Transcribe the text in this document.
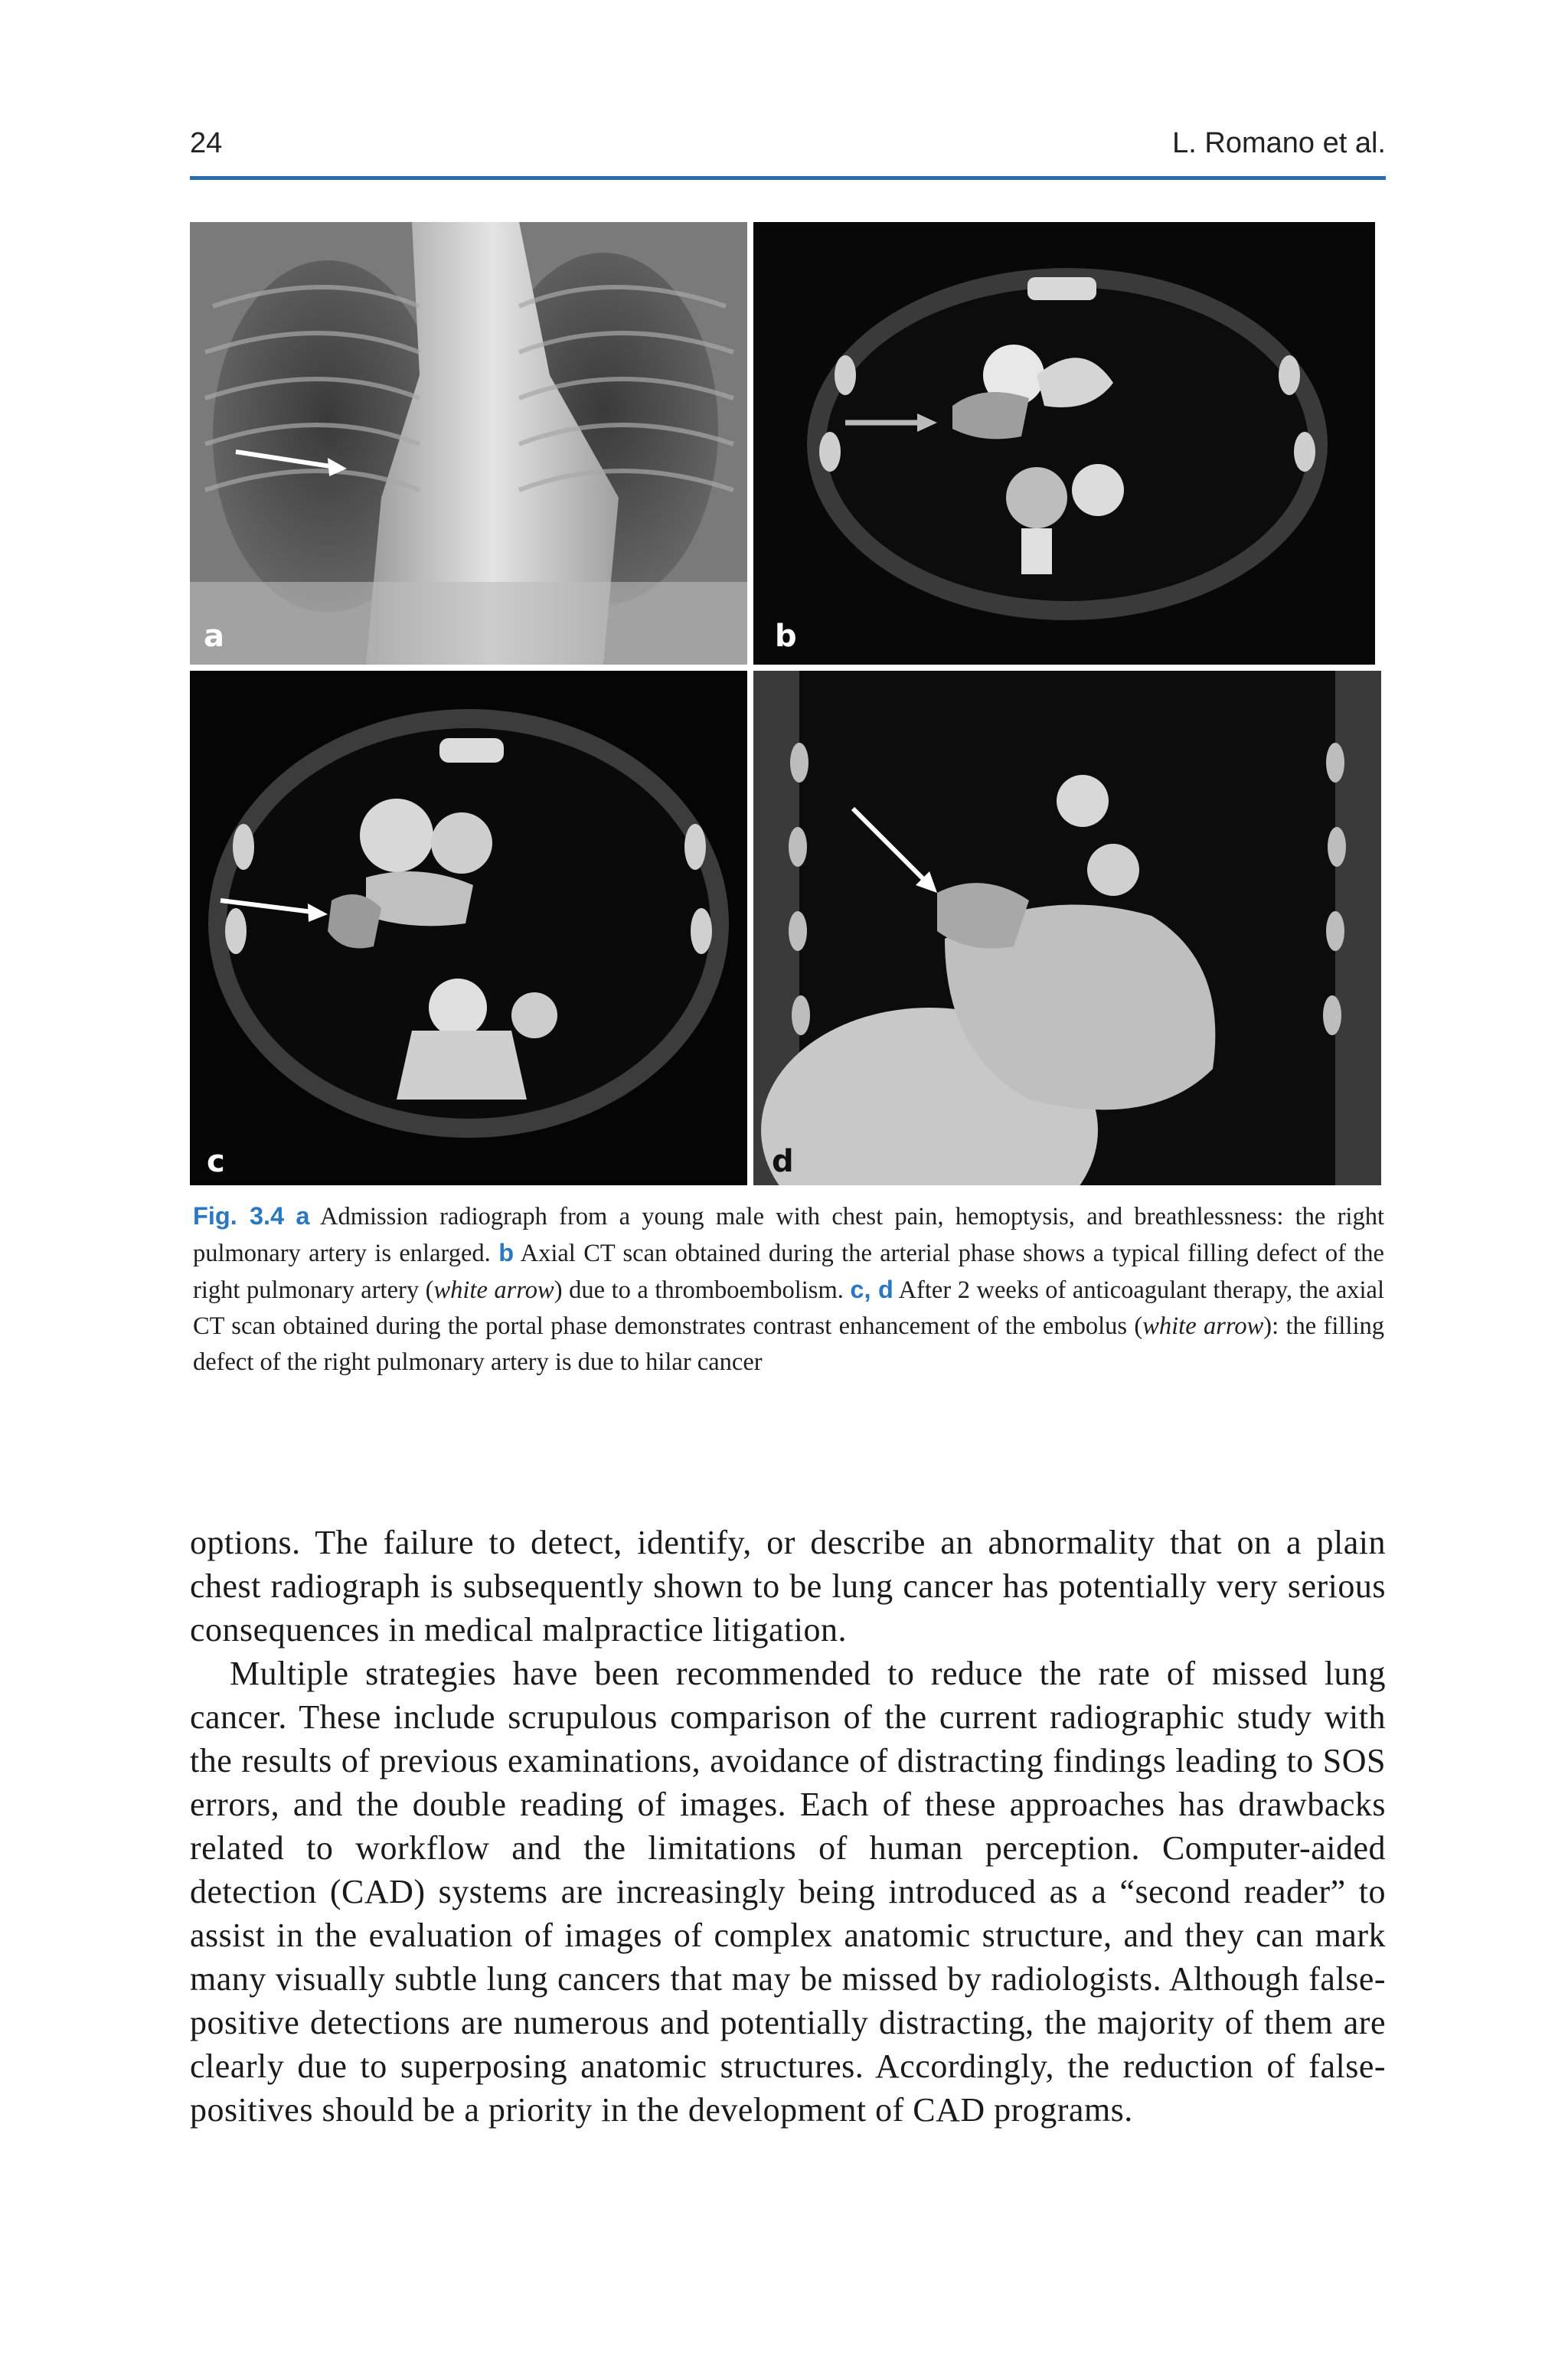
24	L. Romano et al.
a	b
c	d
Fig. 3.4 a Admission radiograph from a young male with chest pain, hemoptysis, and breathlessness: the right pulmonary artery is enlarged. b Axial CT scan obtained during the arterial phase shows a typical filling defect of the right pulmonary artery (white arrow) due to a thromboembolism. c, d After 2 weeks of anticoagulant therapy, the axial CT scan obtained during the portal phase demonstrates contrast enhancement of the embolus (white arrow): the filling defect of the right pulmonary artery is due to hilar cancer

options. The failure to detect, identify, or describe an abnormality that on a plain chest radiograph is subsequently shown to be lung cancer has potentially very serious consequences in medical malpractice litigation.

Multiple strategies have been recommended to reduce the rate of missed lung cancer. These include scrupulous comparison of the current radiographic study with the results of previous examinations, avoidance of distracting findings leading to SOS errors, and the double reading of images. Each of these approaches has drawbacks related to workflow and the limitations of human perception. Computer-aided detection (CAD) systems are increasingly being introduced as a “second reader” to assist in the evaluation of images of complex anatomic structure, and they can mark many visually subtle lung cancers that may be missed by radiologists. Although false-positive detections are numerous and potentially distracting, the majority of them are clearly due to superposing anatomic structures. Accordingly, the reduction of false-positives should be a priority in the development of CAD programs.
